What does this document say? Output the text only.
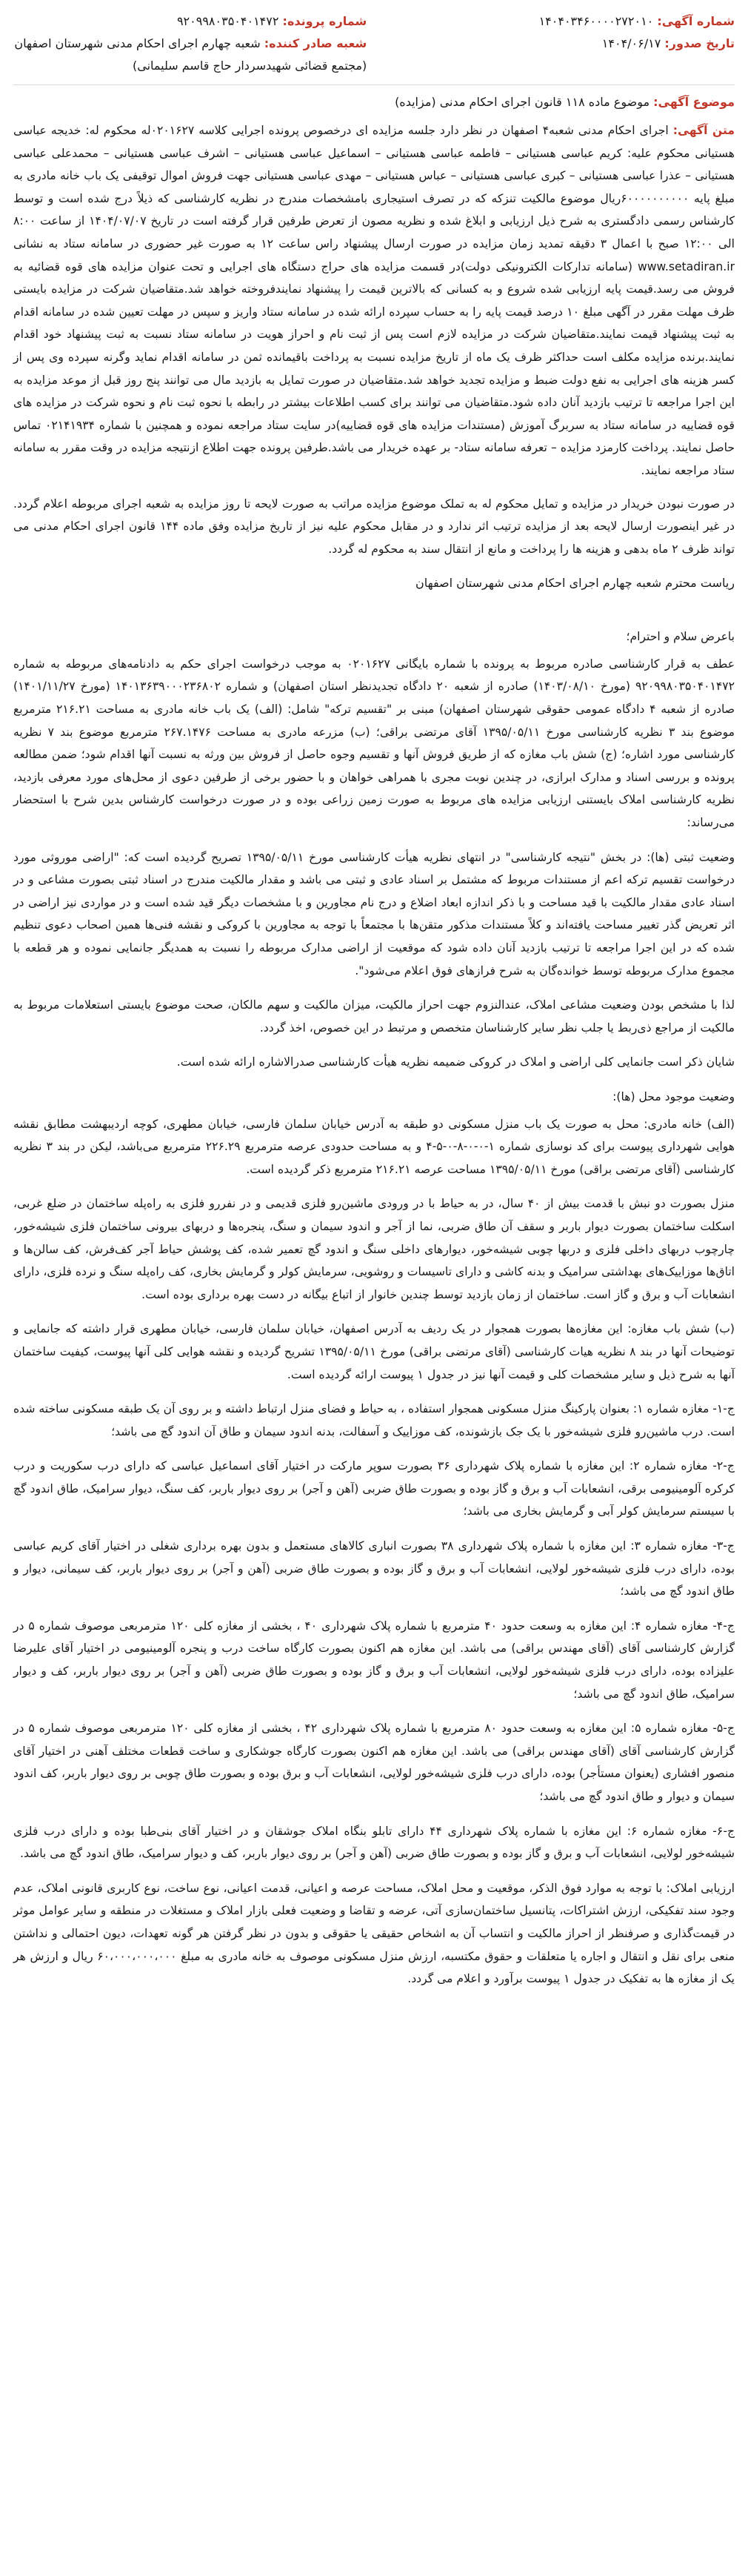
شماره آگهی: ۱۴۰۴۰۳۴۶۰۰۰۰۲۷۲۰۱۰
تاریخ صدور: ۱۴۰۴/۰۶/۱۷
شماره پرونده: ۹۲۰۹۹۸۰۳۵۰۴۰۱۴۷۲
شعبه صادر کننده: شعبه چهارم اجرای احکام مدنی شهرستان اصفهان (مجتمع قضائی شهیدسردار حاج قاسم سلیمانی)
موضوع آگهی: موضوع ماده ۱۱۸ قانون اجرای احکام مدنی (مزایده)

متن آگهی: اجرای احکام مدنی شعبه۴ اصفهان در نظر دارد جلسه مزایده ای درخصوص پرونده اجرایی کلاسه ۰۲۰۱۶۲۷له محکوم له: خدیجه عباسی هستیانی محکوم علیه: کریم عباسی هستیانی – فاطمه عباسی هستیانی – اسماعیل عباسی هستیانی – اشرف عباسی هستیانی – محمدعلی عباسی هستیانی – عذرا عباسی هستیانی – کبری عباسی هستیانی – عباس هستیانی – مهدی عباسی هستیانی جهت فروش اموال توقیفی یک باب خانه مادری به مبلغ پایه ۶۰۰۰۰۰۰۰۰۰۰ریال موضوع مالکیت تنزکه که در تصرف استیجاری بامشخصات مندرج در نظریه کارشناسی که ذیلاً درج شده است و توسط کارشناس رسمی دادگستری به شرح ذیل ارزیابی و ابلاغ شده و نظریه مصون از تعرض طرفین قرار گرفته است در تاریخ ۱۴۰۴/۰۷/۰۷ از ساعت ۸:۰۰ الی ۱۲:۰۰ صبح با اعمال ۳ دقیقه تمدید زمان مزایده در صورت ارسال پیشنهاد راس ساعت ۱۲ به صورت غیر حضوری در سامانه ستاد به نشانی www.setadiran.ir (سامانه تدارکات الکترونیکی دولت)در قسمت مزایده های حراج دستگاه های اجرایی و تحت عنوان مزایده های قوه قضائیه به فروش می رسد.قیمت پایه ارزیابی شده شروع و به کسانی که بالاترین قیمت را پیشنهاد نمایندفروخته خواهد شد.متقاضیان شرکت در مزایده بایستی ظرف مهلت مقرر در آگهی مبلغ ۱۰ درصد قیمت پایه را به حساب سپرده ارائه شده در سامانه ستاد واریز و سپس در مهلت تعیین شده در سامانه اقدام به ثبت پیشنهاد قیمت نمایند.متقاضیان شرکت در مزایده لازم است پس از ثبت نام و احراز هویت در سامانه ستاد نسبت به ثبت پیشنهاد خود اقدام نمایند.برنده مزایده مکلف است حداکثر ظرف یک ماه از تاریخ مزایده نسبت به پرداخت باقیمانده ثمن در سامانه اقدام نماید وگرنه سپرده وی پس از کسر هزینه های اجرایی به نفع دولت ضبط و مزایده تجدید خواهد شد.متقاضیان در صورت تمایل به بازدید مال می توانند پنج روز قبل از موعد مزایده به این اجرا مراجعه تا ترتیب بازدید آنان داده شود.متقاضیان می توانند برای کسب اطلاعات بیشتر در رابطه با نحوه ثبت نام و نحوه شرکت در مزایده های قوه قضاییه در سامانه ستاد به سربرگ آموزش (مستندات مزایده های قوه قضاییه)در سایت ستاد مراجعه نموده و همچنین با شماره ۰۲۱۴۱۹۳۴ تماس حاصل نمایند. پرداخت کارمزد مزایده – تعرفه سامانه ستاد- بر عهده خریدار می باشد.طرفین پرونده جهت اطلاع ازنتیجه مزایده در وقت مقرر به سامانه ستاد مراجعه نمایند.

در صورت نبودن خریدار در مزایده و تمایل محکوم له به تملک موضوع مزایده مراتب به صورت لایحه تا روز مزایده به شعبه اجرای مربوطه اعلام گردد. در غیر اینصورت ارسال لایحه بعد از مزایده ترتیب اثر ندارد و در مقابل محکوم علیه نیز از تاریخ مزایده وفق ماده ۱۴۴ قانون اجرای احکام مدنی می تواند ظرف ۲ ماه بدهی و هزینه ها را پرداخت و مانع از انتقال سند به محکوم له گردد.

ریاست محترم شعبه چهارم اجرای احکام مدنی شهرستان اصفهان

باعرض سلام و احترام؛

عطف به قرار کارشناسی صادره مربوط به پرونده با شماره بایگانی ۰۲۰۱۶۲۷ به موجب درخواست اجرای حکم به دادنامه‌های مربوطه به شماره ۹۲۰۹۹۸۰۳۵۰۴۰۱۴۷۲ (مورخ ۱۴۰۳/۰۸/۱۰) صادره از شعبه ۲۰ دادگاه تجدیدنظر استان اصفهان) و شماره ۱۴۰۱۳۶۳۹۰۰۰۲۳۶۸۰۲ (مورخ ۱۴۰۱/۱۱/۲۷) صادره از شعبه ۴ دادگاه عمومی حقوقی شهرستان اصفهان) مبنی بر "تقسیم ترکه" شامل: (الف) یک باب خانه مادری به مساحت ۲۱۶.۲۱ مترمربع موضوع بند ۳ نظریه کارشناسی مورخ ۱۳۹۵/۰۵/۱۱ آقای مرتضی براقی؛ (ب) مزرعه مادری به مساحت ۲۶۷.۱۴۷۶ مترمربع موضوع بند ۷ نظریه کارشناسی مورد اشاره؛ (ج) شش باب مغازه که از طریق فروش آنها و تقسیم وجوه حاصل از فروش بین ورثه به نسبت آنها اقدام شود؛ ضمن مطالعه پرونده و بررسی اسناد و مدارک ابرازی، در چندین نوبت مجری با همراهی خواهان و با حضور برخی از طرفین دعوی از محل‌های مورد معرفی بازدید، نظریه کارشناسی املاک بایستنی ارزیابی مزایده های مربوط به صورت زمین زراعی بوده و در صورت درخواست کارشناس بدین شرح با استحضار می‌رساند:

وضعیت ثبتی (ها): در بخش "نتیجه کارشناسی" در انتهای نظریه هیأت کارشناسی مورخ ۱۳۹۵/۰۵/۱۱ تصریح گردیده است که: "اراضی موروثی مورد درخواست تقسیم ترکه اعم از مستندات مربوط که مشتمل بر اسناد عادی و ثبتی می باشد و مقدار مالکیت مندرج در اسناد ثبتی بصورت مشاعی و در اسناد عادی مقدار مالکیت با قید مساحت و با ذکر اندازه ابعاد اضلاع و درج نام مجاورین و با مشخصات دیگر قید شده است و در مواردی نیز اراضی در اثر تعریض گذر تغییر مساحت یافته‌اند و کلاً مستندات مذکور متقن‌ها با مجتمعاً با توجه به مجاورین با کروکی و نقشه فنی‌ها همین اصحاب دعوی تنظیم شده که در این اجرا مراجعه تا ترتیب بازدید آنان داده شود که موقعیت از اراضی مدارک مربوطه را نسبت به همدیگر جانمایی نموده و هر قطعه با مجموع مدارک مربوطه توسط خوانده‌گان به شرح فرازهای فوق اعلام می‌شود".

لذا با مشخص بودن وضعیت مشاعی املاک، عندالنزوم جهت احراز مالکیت، میزان مالکیت و سهم مالکان، صحت موضوع بایستی استعلامات مربوط به مالکیت از مراجع ذی‌ربط یا جلب نظر سایر کارشناسان متخصص و مرتبط در این خصوص، اخذ گردد.

شایان ذکر است جانمایی کلی اراضی و املاک در کروکی ضمیمه نظریه هیأت کارشناسی صدرالاشاره ارائه شده است.

وضعیت موجود محل (ها):

(الف) خانه مادری: محل به صورت یک باب منزل مسکونی دو طبقه به آدرس خیابان سلمان فارسی، خیابان مطهری، کوچه اردیبهشت مطابق نقشه هوایی شهرداری پیوست برای کد نوسازی شماره ۱-۰-۰-۸-۰-۵-۴ و به مساحت حدودی عرصه مترمربع ۲۲۶.۲۹ مترمربع می‌باشد، لیکن در بند ۳ نظریه کارشناسی (آقای مرتضی براقی) مورخ ۱۳۹۵/۰۵/۱۱ مساحت عرصه ۲۱۶.۲۱ مترمربع ذکر گردیده است.

منزل بصورت دو نبش با قدمت بیش از ۴۰ سال، در به حیاط با در ورودی ماشین‌رو فلزی قدیمی و در نفررو فلزی به راه‌پله ساختمان در ضلع غربی، اسکلت ساختمان بصورت دیوار باربر و سقف آن طاق ضربی، نما از آجر و اندود سیمان و سنگ، پنجره‌ها و دربهای بیرونی ساختمان فلزی شیشه‌خور، چارچوب دربهای داخلی فلزی و دربها چوبی شیشه‌خور، دیوارهای داخلی سنگ و اندود گچ تعمیر شده، کف پوشش حیاط آجر کف‌فرش، کف سالن‌ها و اتاق‌ها موزاییک‌های بهداشتی سرامیک و بدنه کاشی و دارای تاسیسات و روشویی، سرمایش کولر و گرمایش بخاری، کف راه‌پله سنگ و نرده فلزی، دارای انشعابات آب و برق و گاز است. ساختمان از زمان بازدید توسط چندین خانوار از اتباع بیگانه در دست بهره برداری بوده است.

(ب) شش باب مغازه: این مغازه‌ها بصورت همجوار در یک ردیف به آدرس اصفهان، خیابان سلمان فارسی، خیابان مطهری قرار داشته که جانمایی و توضیحات آنها در بند ۸ نظریه هیات کارشناسی (آقای مرتضی براقی) مورخ ۱۳۹۵/۰۵/۱۱ تشریح گردیده و نقشه هوایی کلی آنها پیوست، کیفیت ساختمان آنها به شرح ذیل و سایر مشخصات کلی و قیمت آنها نیز در جدول ۱ پیوست ارائه گردیده است.

ج-۱- مغازه شماره ۱: بعنوان پارکینگ منزل مسکونی همجوار استفاده ، به حیاط و فضای منزل ارتباط داشته و بر روی آن یک طبقه مسکونی ساخته شده است. درب ماشین‌رو فلزی شیشه‌خور با یک جک بازشونده، کف موزاییک و آسفالت، بدنه اندود سیمان و طاق آن اندود گچ می باشد؛

ج-۲- مغازه شماره ۲: این مغازه با شماره پلاک شهرداری ۳۶ بصورت سوپر مارکت در اختیار آقای اسماعیل عباسی که دارای درب سکوریت و درب کرکره آلومینیومی برقی، انشعابات آب و برق و گاز بوده و بصورت طاق ضربی (آهن و آجر) بر روی دیوار باربر، کف سنگ، دیوار سرامیک، طاق اندود گچ با سیستم سرمایش کولر آبی و گرمایش بخاری می باشد؛

ج-۳- مغازه شماره ۳: این مغازه با شماره پلاک شهرداری ۳۸ بصورت انباری کالاهای مستعمل و بدون بهره برداری شغلی در اختیار آقای کریم عباسی بوده، دارای درب فلزی شیشه‌خور لولایی، انشعابات آب و برق و گاز بوده و بصورت طاق ضربی (آهن و آجر) بر روی دیوار باربر، کف سیمانی، دیوار و طاق اندود گچ می باشد؛

ج-۴- مغازه شماره ۴: این مغازه به وسعت حدود ۴۰ مترمربع با شماره پلاک شهرداری ۴۰ ، بخشی از مغازه کلی ۱۲۰ مترمربعی موصوف شماره ۵ در گزارش کارشناسی آقای (آقای مهندس براقی) می باشد. این مغازه هم اکنون بصورت کارگاه ساخت درب و پنجره آلومینیومی در اختیار آقای علیرضا علیزاده بوده، دارای درب فلزی شیشه‌خور لولایی، انشعابات آب و برق و گاز بوده و بصورت طاق ضربی (آهن و آجر) بر روی دیوار باربر، کف و دیوار سرامیک، طاق اندود گچ می باشد؛

ج-۵- مغازه شماره ۵: این مغازه به وسعت حدود ۸۰ مترمربع با شماره پلاک شهرداری ۴۲ ، بخشی از مغازه کلی ۱۲۰ مترمربعی موصوف شماره ۵ در گزارش کارشناسی آقای (آقای مهندس براقی) می باشد. این مغازه هم اکنون بصورت کارگاه جوشکاری و ساخت قطعات مختلف آهنی در اختیار آقای منصور افشاری (یعنوان مستأجر) بوده، دارای درب فلزی شیشه‌خور لولایی، انشعابات آب و برق بوده و بصورت طاق چوبی بر روی دیوار باربر، کف اندود سیمان و دیوار و طاق اندود گچ می باشد؛

ج-۶- مغازه شماره ۶: این مغازه با شماره پلاک شهرداری ۴۴ دارای تابلو بنگاه املاک جوشقان و در اختیار آقای بنی‌طبا بوده و دارای درب فلزی شیشه‌خور لولایی، انشعابات آب و برق و گاز بوده و بصورت طاق ضربی (آهن و آجر) بر روی دیوار باربر، کف و دیوار سرامیک، طاق اندود گچ می باشد.

ارزیابی املاک: با توجه به موارد فوق الذکر، موقعیت و محل املاک، مساحت عرصه و اعیانی، قدمت اعیانی، نوع ساخت، نوع کاربری قانونی املاک، عدم وجود سند تفکیکی، ارزش اشتراکات، پتانسیل ساختمان‌سازی آتی، عرضه و تقاضا و وضعیت فعلی بازار املاک و مستغلات در منطقه و سایر عوامل موثر در قیمت‌گذاری و صرفنظر از احراز مالکیت و انتساب آن به اشخاص حقیقی یا حقوقی و بدون در نظر گرفتن هر گونه تعهدات، دیون احتمالی و نداشتن منعی برای نقل و انتقال و اجاره یا متعلقات و حقوق مکتسبه، ارزش منزل مسکونی موصوف به خانه مادری به مبلغ ۶۰،۰۰۰،۰۰۰،۰۰۰ ریال و ارزش هر یک از مغازه ها به تفکیک در جدول ۱ پیوست برآورد و اعلام می گردد.
